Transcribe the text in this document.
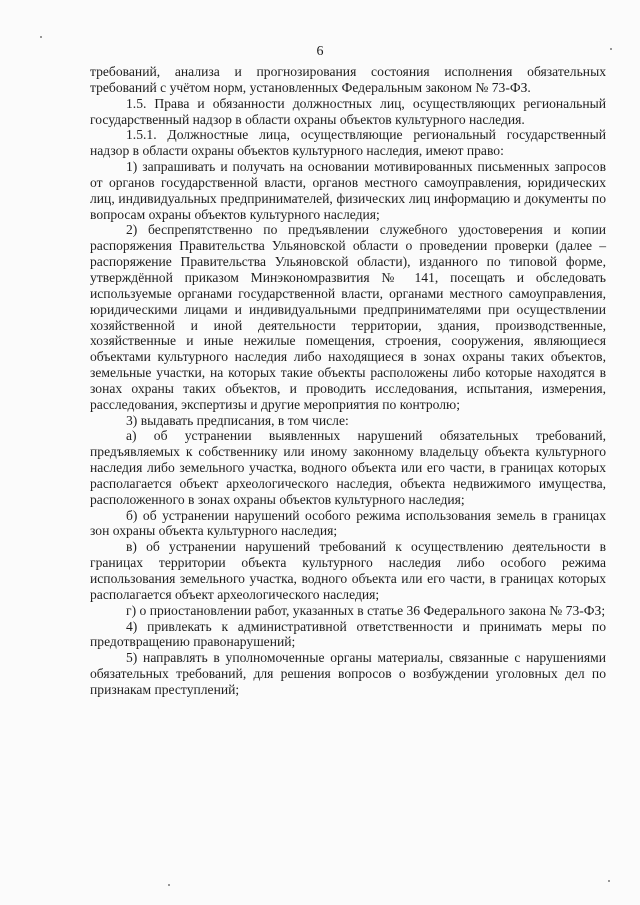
6

требований, анализа и прогнозирования состояния исполнения обязательных требований с учётом норм, установленных Федеральным законом № 73-ФЗ.

1.5. Права и обязанности должностных лиц, осуществляющих региональный государственный надзор в области охраны объектов культурного наследия.

1.5.1. Должностные лица, осуществляющие региональный государственный надзор в области охраны объектов культурного наследия, имеют право:

1) запрашивать и получать на основании мотивированных письменных запросов от органов государственной власти, органов местного самоуправления, юридических лиц, индивидуальных предпринимателей, физических лиц информацию и документы по вопросам охраны объектов культурного наследия;

2) беспрепятственно по предъявлении служебного удостоверения и копии распоряжения Правительства Ульяновской области о проведении проверки (далее – распоряжение Правительства Ульяновской области), изданного по типовой форме, утверждённой приказом Минэкономразвития № 141, посещать и обследовать используемые органами государственной власти, органами местного самоуправления, юридическими лицами и индивидуальными предпринимателями при осуществлении хозяйственной и иной деятельности территории, здания, производственные, хозяйственные и иные нежилые помещения, строения, сооружения, являющиеся объектами культурного наследия либо находящиеся в зонах охраны таких объектов, земельные участки, на которых такие объекты расположены либо которые находятся в зонах охраны таких объектов, и проводить исследования, испытания, измерения, расследования, экспертизы и другие мероприятия по контролю;

3) выдавать предписания, в том числе:

а) об устранении выявленных нарушений обязательных требований, предъявляемых к собственнику или иному законному владельцу объекта культурного наследия либо земельного участка, водного объекта или его части, в границах которых располагается объект археологического наследия, объекта недвижимого имущества, расположенного в зонах охраны объектов культурного наследия;

б) об устранении нарушений особого режима использования земель в границах зон охраны объекта культурного наследия;

в) об устранении нарушений требований к осуществлению деятельности в границах территории объекта культурного наследия либо особого режима использования земельного участка, водного объекта или его части, в границах которых располагается объект археологического наследия;

г) о приостановлении работ, указанных в статье 36 Федерального закона № 73-ФЗ;

4) привлекать к административной ответственности и принимать меры по предотвращению правонарушений;

5) направлять в уполномоченные органы материалы, связанные с нарушениями обязательных требований, для решения вопросов о возбуждении уголовных дел по признакам преступлений;
